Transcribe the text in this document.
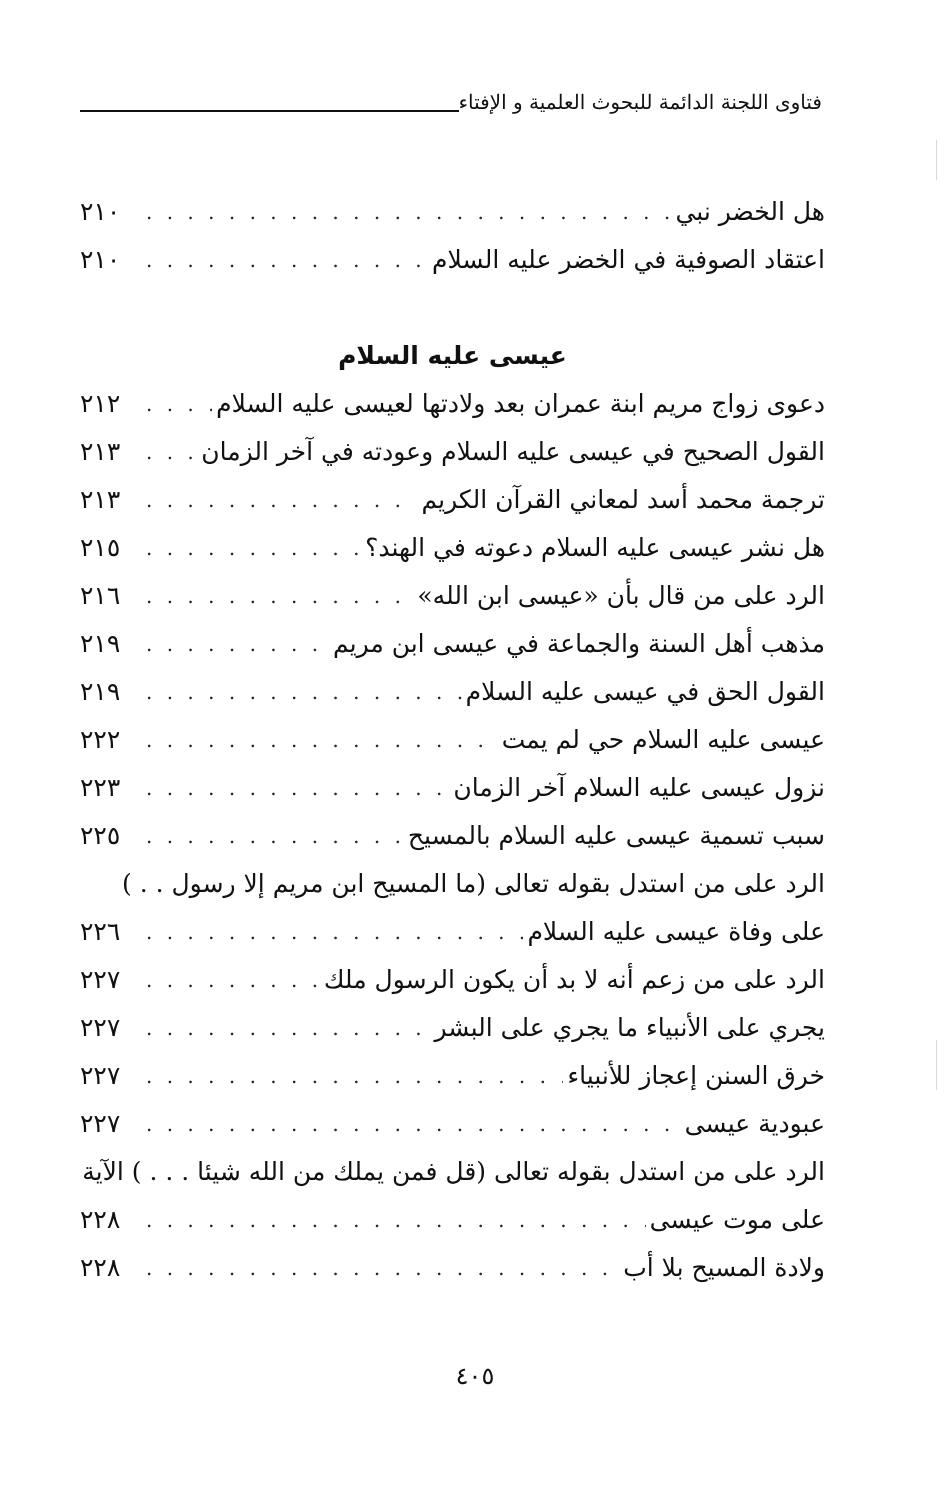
فتاوى اللجنة الدائمة للبحوث العلمية و الإفتاء
هل الخضر نبي
. . .
٢١٠
اعتقاد الصوفية في الخضر عليه السلام
. . .
٢١٠
عيسى عليه السلام
دعوى زواج مريم ابنة عمران بعد ولادتها لعيسى عليه السلام
. . .
٢١٢
القول الصحيح في عيسى عليه السلام وعودته في آخر الزمان
. . .
٢١٣
ترجمة محمد أسد لمعاني القرآن الكريم
. . .
٢١٣
هل نشر عيسى عليه السلام دعوته في الهند؟
. . .
٢١٥
الرد على من قال بأن «عيسى ابن الله»
. . .
٢١٦
مذهب أهل السنة والجماعة في عيسى ابن مريم
. . .
٢١٩
القول الحق في عيسى عليه السلام
. . .
٢١٩
عيسى عليه السلام حي لم يمت
. . .
٢٢٢
نزول عيسى عليه السلام آخر الزمان
. . .
٢٢٣
سبب تسمية عيسى عليه السلام بالمسيح
. . .
٢٢٥
الرد على من استدل بقوله تعالى (ما المسيح ابن مريم إلا رسول . . )
على وفاة عيسى عليه السلام
. . .
٢٢٦
الرد على من زعم أنه لا بد أن يكون الرسول ملك
. . .
٢٢٧
يجري على الأنبياء ما يجري على البشر
. . .
٢٢٧
خرق السنن إعجاز للأنبياء
. . .
٢٢٧
عبودية عيسى
. . .
٢٢٧
الرد على من استدل بقوله تعالى (قل فمن يملك من الله شيئا . . . ) الآية
على موت عيسى
. . .
٢٢٨
ولادة المسيح بلا أب
. . .
٢٢٨
٤٠٥
